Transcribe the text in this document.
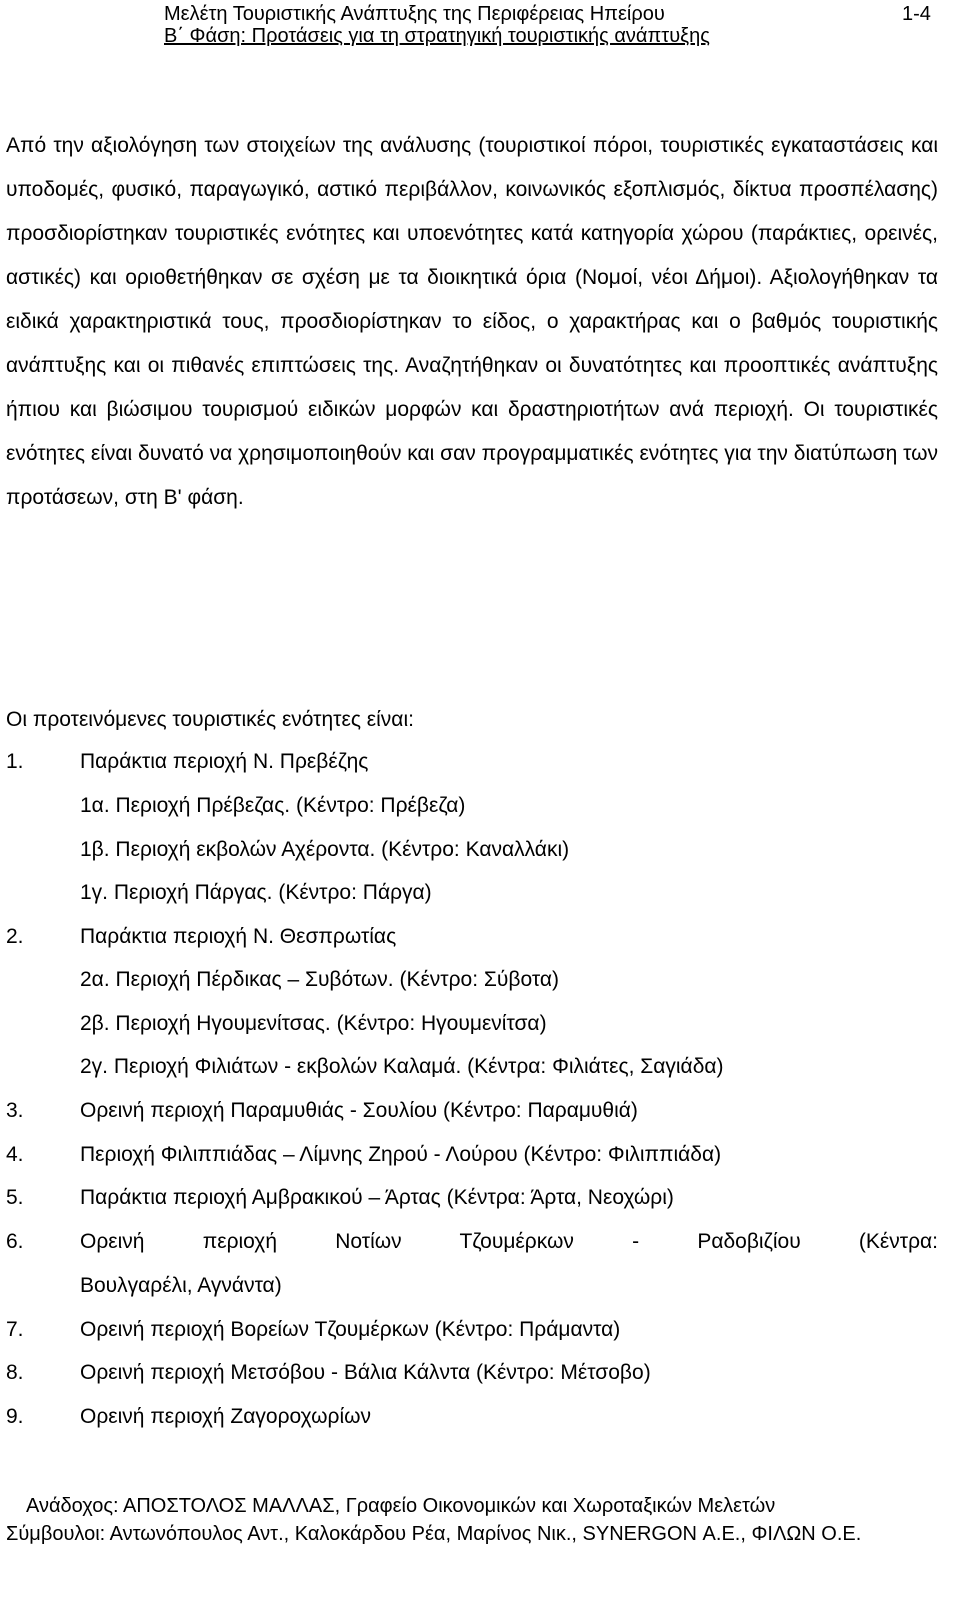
Μελέτη Τουριστικής Ανάπτυξης της Περιφέρειας Ηπείρου
Β΄ Φάση: Προτάσεις για τη στρατηγική τουριστικής ανάπτυξης
1-4
Από την αξιολόγηση των στοιχείων της ανάλυσης (τουριστικοί πόροι, τουριστικές εγκαταστάσεις και υποδομές, φυσικό, παραγωγικό, αστικό περιβάλλον, κοινωνικός εξοπλισμός, δίκτυα προσπέλασης) προσδιορίστηκαν τουριστικές ενότητες και υποενότητες κατά κατηγορία χώρου (παράκτιες, ορεινές, αστικές) και οριοθετήθηκαν σε σχέση με τα διοικητικά όρια (Νομοί, νέοι Δήμοι). Αξιολογήθηκαν τα ειδικά χαρακτηριστικά τους, προσδιορίστηκαν το είδος, ο χαρακτήρας και ο βαθμός τουριστικής ανάπτυξης και οι πιθανές επιπτώσεις της. Αναζητήθηκαν οι δυνατότητες και προοπτικές ανάπτυξης ήπιου και βιώσιμου τουρισμού ειδικών μορφών και δραστηριοτήτων ανά περιοχή. Οι τουριστικές ενότητες είναι δυνατό να χρησιμοποιηθούν και σαν προγραμματικές ενότητες για την διατύπωση των προτάσεων, στη Β' φάση.
Οι προτεινόμενες τουριστικές ενότητες είναι:
1.	Παράκτια περιοχή Ν. Πρεβέζης
1α. Περιοχή Πρέβεζας. (Κέντρο: Πρέβεζα)
1β. Περιοχή εκβολών Αχέροντα. (Κέντρο: Καναλλάκι)
1γ. Περιοχή Πάργας. (Κέντρο: Πάργα)
2.	Παράκτια περιοχή Ν. Θεσπρωτίας
2α. Περιοχή Πέρδικας – Συβότων. (Κέντρο: Σύβοτα)
2β. Περιοχή Ηγουμενίτσας. (Κέντρο: Ηγουμενίτσα)
2γ. Περιοχή Φιλιάτων - εκβολών Καλαμά. (Κέντρα: Φιλιάτες, Σαγιάδα)
3.	Ορεινή περιοχή Παραμυθιάς - Σουλίου (Κέντρο: Παραμυθιά)
4.	Περιοχή Φιλιππιάδας – Λίμνης Ζηρού - Λούρου (Κέντρο: Φιλιππιάδα)
5.	Παράκτια περιοχή Αμβρακικού – Άρτας (Κέντρα: Άρτα, Νεοχώρι)
6.	Ορεινή περιοχή Νοτίων Τζουμέρκων - Ραδοβιζίου (Κέντρα:
Βουλγαρέλι, Αγνάντα)
7.	Ορεινή περιοχή Βορείων Τζουμέρκων (Κέντρο: Πράμαντα)
8.	Ορεινή περιοχή Μετσόβου - Βάλια Κάλντα (Κέντρο: Μέτσοβο)
9.	Ορεινή περιοχή Ζαγοροχωρίων
Ανάδοχος: ΑΠΟΣΤΟΛΟΣ ΜΑΛΛΑΣ, Γραφείο Οικονομικών και Χωροταξικών Μελετών
Σύμβουλοι: Αντωνόπουλος Αντ., Καλοκάρδου Ρέα, Μαρίνος Νικ., SYNERGON Α.Ε., ΦΙΛΩΝ Ο.Ε.
